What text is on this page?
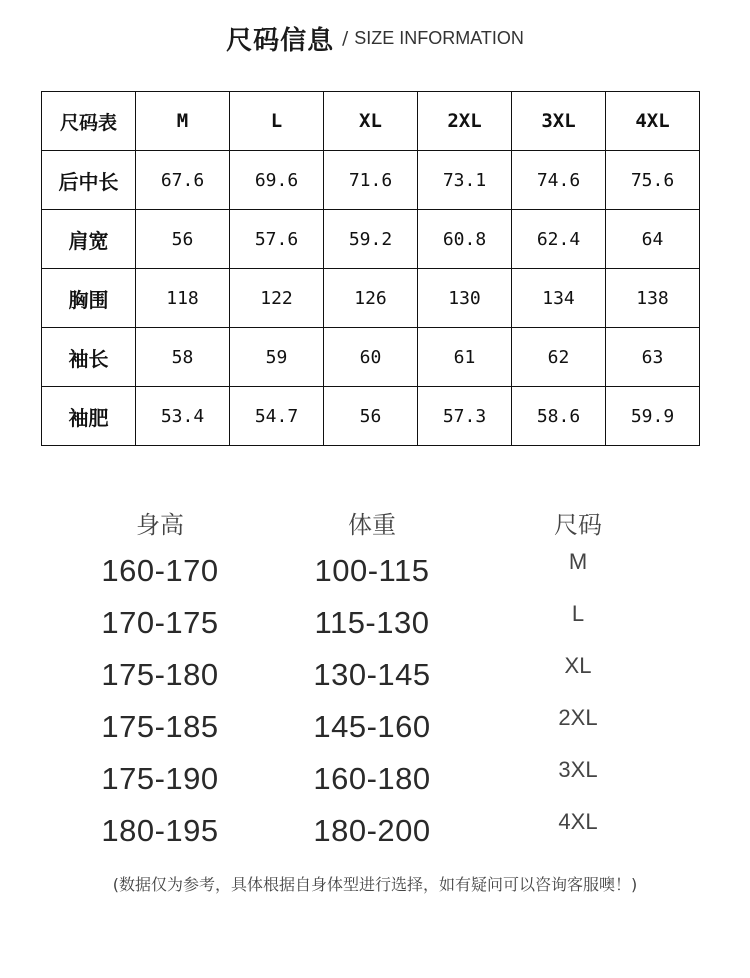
尺码信息 / SIZE INFORMATION
尺码表	M	L	XL	2XL	3XL	4XL
后中长	67.6	69.6	71.6	73.1	74.6	75.6
肩宽	56	57.6	59.2	60.8	62.4	64
胸围	118	122	126	130	134	138
袖长	58	59	60	61	62	63
袖肥	53.4	54.7	56	57.3	58.6	59.9
身高	体重	尺码
160-170	100-115	M
170-175	115-130	L
175-180	130-145	XL
175-185	145-160	2XL
175-190	160-180	3XL
180-195	180-200	4XL
(数据仅为参考，具体根据自身体型进行选择，如有疑问可以咨询客服噢！)
